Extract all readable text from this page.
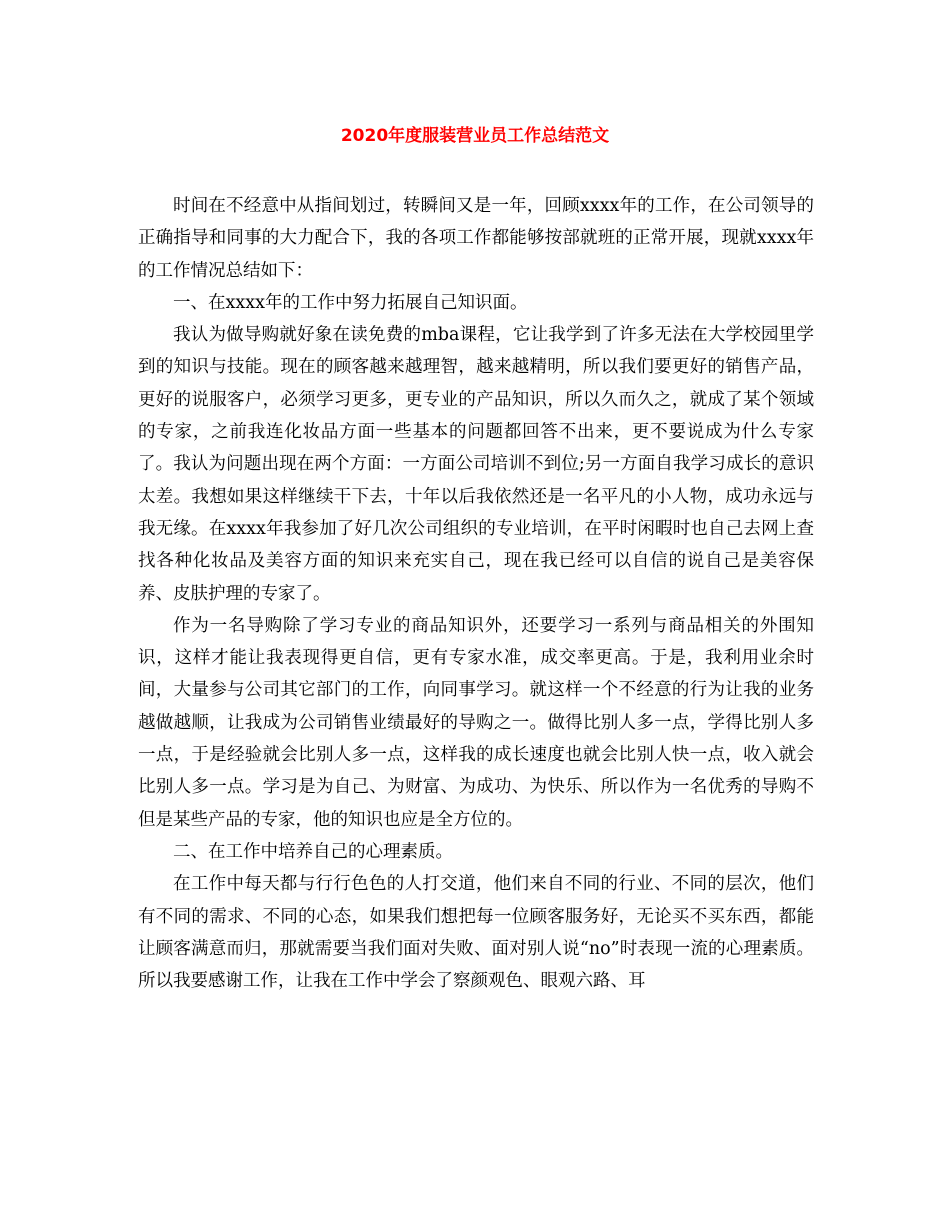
2020年度服装营业员工作总结范文

时间在不经意中从指间划过，转瞬间又是一年，回顾xxxx年的工作，在公司领导的正确指导和同事的大力配合下，我的各项工作都能够按部就班的正常开展，现就xxxx年的工作情况总结如下：

一、在xxxx年的工作中努力拓展自己知识面。

我认为做导购就好象在读免费的mba课程，它让我学到了许多无法在大学校园里学到的知识与技能。现在的顾客越来越理智，越来越精明，所以我们要更好的销售产品，更好的说服客户，必须学习更多，更专业的产品知识，所以久而久之，就成了某个领域的专家，之前我连化妆品方面一些基本的问题都回答不出来，更不要说成为什么专家了。我认为问题出现在两个方面：一方面公司培训不到位;另一方面自我学习成长的意识太差。我想如果这样继续干下去，十年以后我依然还是一名平凡的小人物，成功永远与我无缘。在xxxx年我参加了好几次公司组织的专业培训，在平时闲暇时也自己去网上查找各种化妆品及美容方面的知识来充实自己，现在我已经可以自信的说自己是美容保养、皮肤护理的专家了。

作为一名导购除了学习专业的商品知识外，还要学习一系列与商品相关的外围知识，这样才能让我表现得更自信，更有专家水准，成交率更高。于是，我利用业余时间，大量参与公司其它部门的工作，向同事学习。就这样一个不经意的行为让我的业务越做越顺，让我成为公司销售业绩最好的导购之一。做得比别人多一点，学得比别人多一点，于是经验就会比别人多一点，这样我的成长速度也就会比别人快一点，收入就会比别人多一点。学习是为自己、为财富、为成功、为快乐、所以作为一名优秀的导购不但是某些产品的专家，他的知识也应是全方位的。

二、在工作中培养自己的心理素质。

在工作中每天都与行行色色的人打交道，他们来自不同的行业、不同的层次，他们有不同的需求、不同的心态，如果我们想把每一位顾客服务好，无论买不买东西，都能让顾客满意而归，那就需要当我们面对失败、面对别人说“no”时表现一流的心理素质。所以我要感谢工作，让我在工作中学会了察颜观色、眼观六路、耳
